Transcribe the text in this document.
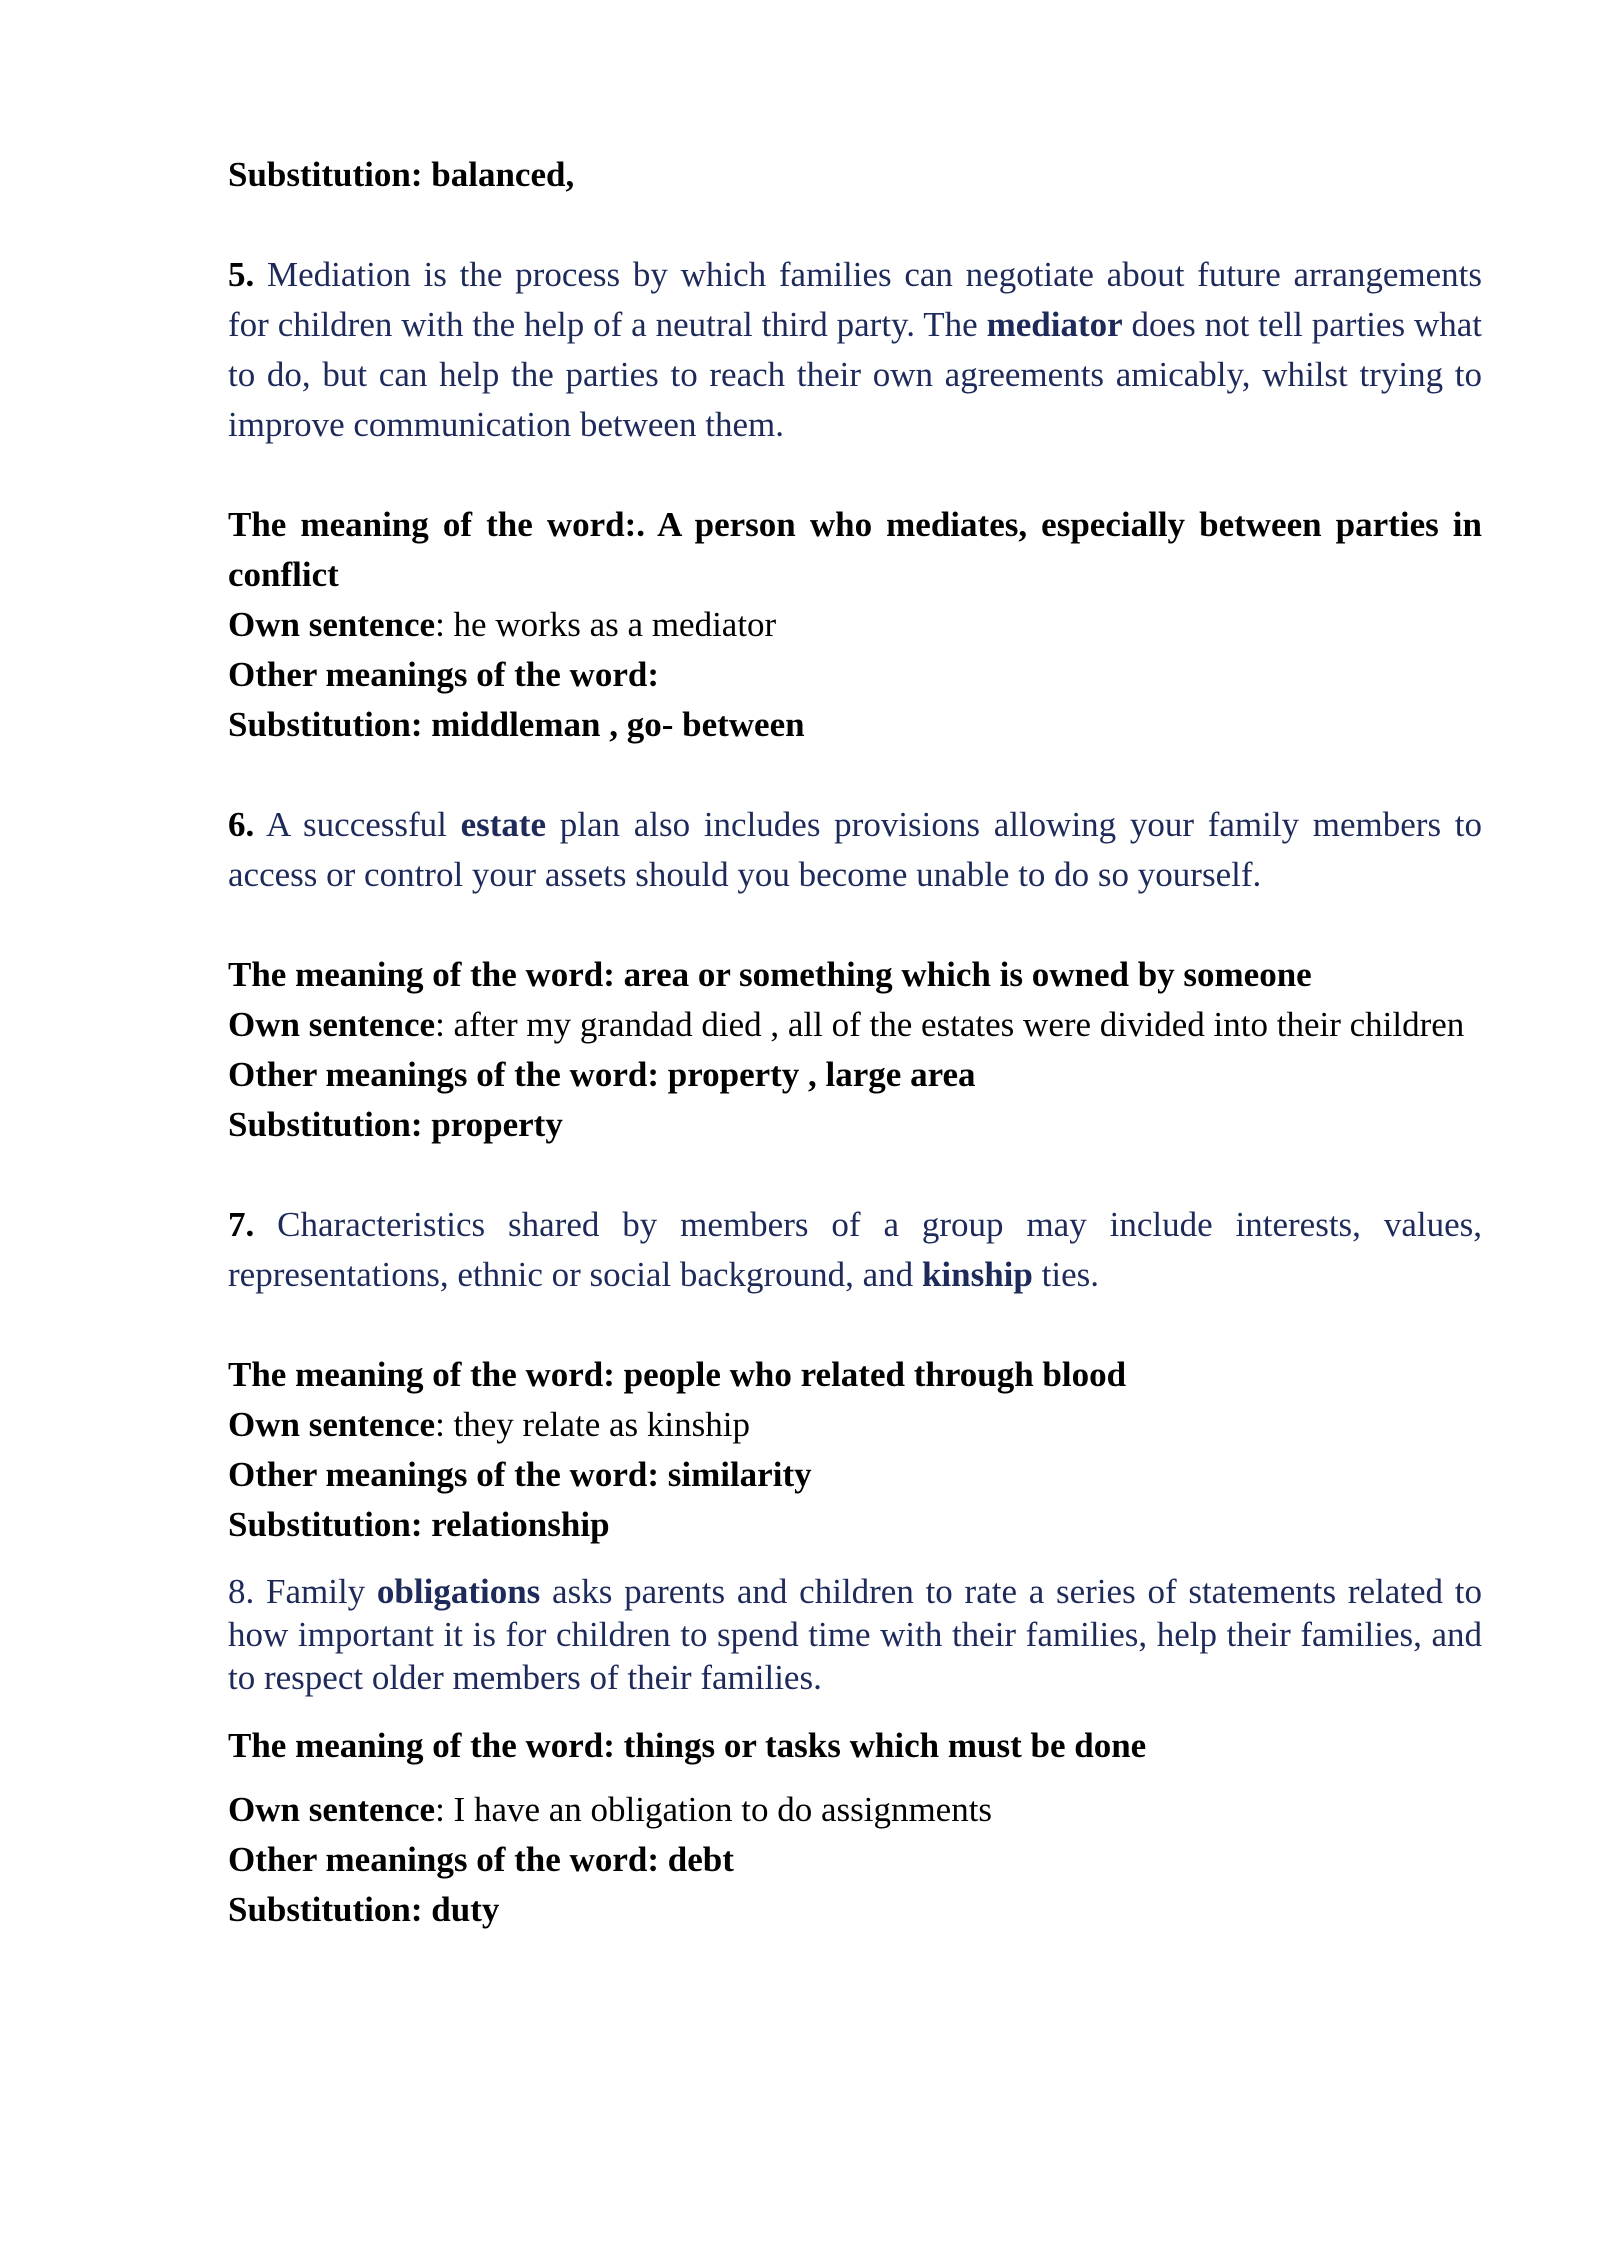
Substitution: balanced,

5. Mediation is the process by which families can negotiate about future arrangements for children with the help of a neutral third party. The mediator does not tell parties what to do, but can help the parties to reach their own agreements amicably, whilst trying to improve communication between them.

The meaning of the word:. A person who mediates, especially between parties in conflict

Own sentence: he works as a mediator

Other meanings of the word:

Substitution: middleman , go- between

6. A successful estate plan also includes provisions allowing your family members to access or control your assets should you become unable to do so yourself.

The meaning of the word: area or something which is owned by someone

Own sentence: after my grandad died , all of the estates were divided into their children

Other meanings of the word: property , large area

Substitution: property

7. Characteristics shared by members of a group may include interests, values, representations, ethnic or social background, and kinship ties.

The meaning of the word: people who related through blood

Own sentence: they relate as kinship

Other meanings of the word: similarity

Substitution: relationship

8. Family obligations asks parents and children to rate a series of statements related to how important it is for children to spend time with their families, help their families, and to respect older members of their families.

The meaning of the word: things or tasks which must be done

Own sentence: I have an obligation to do assignments

Other meanings of the word: debt

Substitution: duty
